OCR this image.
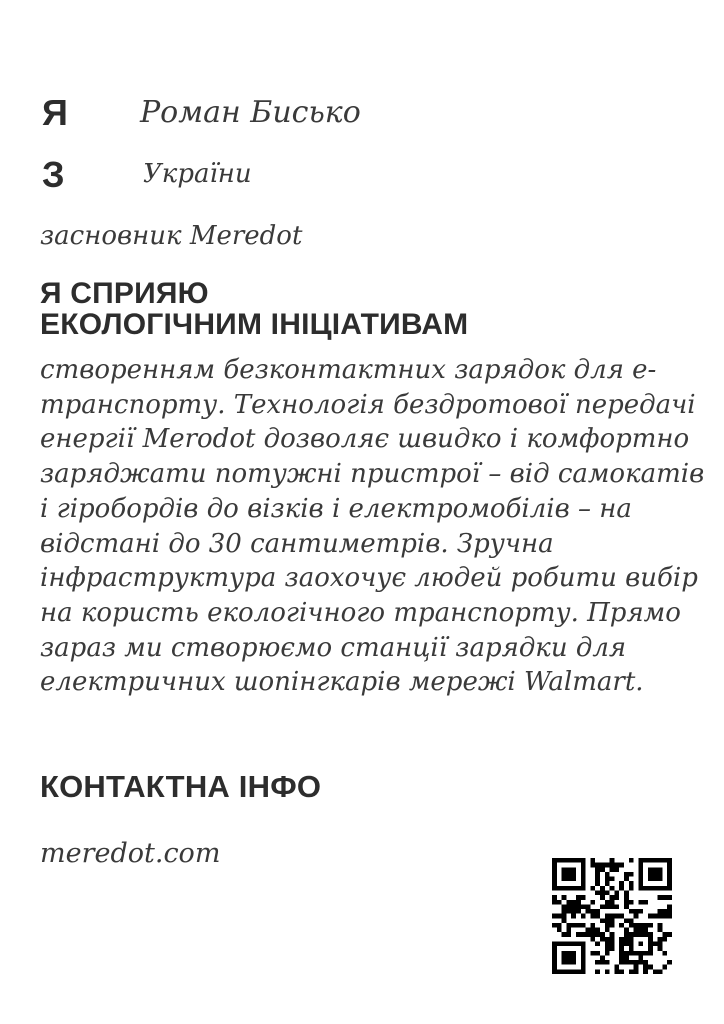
Я Роман Бисько
З	України
засновник Meredot
Я СПРИЯЮ
ЕКОЛОГІЧНИМ ІНІЦІАТИВАМ
створенням безконтактних зарядок для е-
транспорту. Технологія бездротової передачі
енергії Merodot дозволяє швидко і комфортно
заряджати потужні пристрої – від самокатів
і гіробордів до візків і електромобілів – на
відстані до 30 сантиметрів. Зручна
інфраструктура заохочує людей робити вибір
на користь екологічного транспорту. Прямо
зараз ми створюємо станції зарядки для
електричних шопінгкарів мережі Walmart.
КОНТАКТНА ІНФО
meredot.com
